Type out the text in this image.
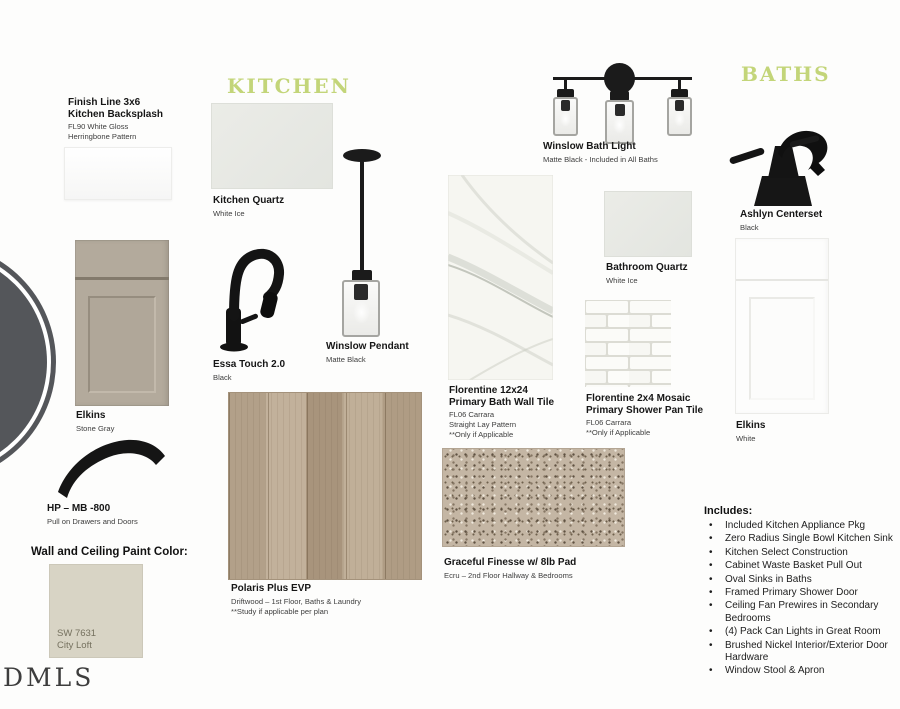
KITCHEN	BATHS
Finish Line 3x6
Kitchen Backsplash
FL90 White Gloss
Herringbone Pattern
Kitchen Quartz
White Ice
Winslow Pendant
Matte Black
Winslow Bath Light
Matte Black - Included in All Baths
Ashlyn Centerset
Black
Elkins
Stone Gray
Essa Touch 2.0
Black
Florentine 12x24
Primary Bath Wall Tile
FL06 Carrara
Straight Lay Pattern
**Only if Applicable
Bathroom Quartz
White Ice
Florentine 2x4 Mosaic
Primary Shower Pan Tile
FL06 Carrara
**Only if Applicable
Elkins
White
HP – MB -800
Pull on Drawers and Doors
Wall and Ceiling Paint Color:
SW 7631
City Loft
Polaris Plus EVP
Driftwood – 1st Floor, Baths & Laundry
**Study if applicable per plan
Graceful Finesse w/ 8lb Pad
Ecru – 2nd Floor Hallway & Bedrooms
Includes:
• Included Kitchen Appliance Pkg
• Zero Radius Single Bowl Kitchen Sink
• Kitchen Select Construction
• Cabinet Waste Basket Pull Out
• Oval Sinks in Baths
• Framed Primary Shower Door
• Ceiling Fan Prewires in Secondary Bedrooms
• (4) Pack Can Lights in Great Room
• Brushed Nickel Interior/Exterior Door Hardware
• Window Stool & Apron
DMLS
